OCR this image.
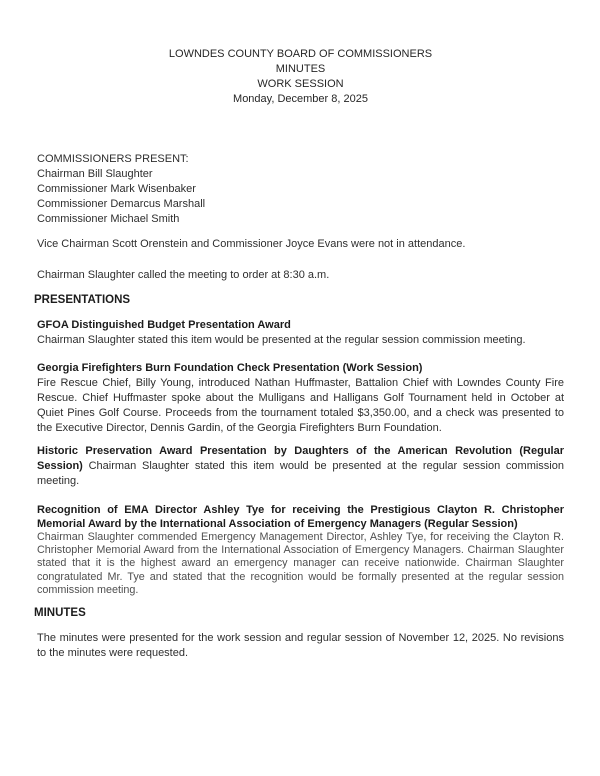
LOWNDES COUNTY BOARD OF COMMISSIONERS
MINUTES
WORK SESSION
Monday, December 8, 2025
COMMISSIONERS PRESENT:
Chairman Bill Slaughter
Commissioner Mark Wisenbaker
Commissioner Demarcus Marshall
Commissioner Michael Smith

Vice Chairman Scott Orenstein and Commissioner Joyce Evans were not in attendance.

Chairman Slaughter called the meeting to order at 8:30 a.m.

PRESENTATIONS
GFOA Distinguished Budget Presentation Award

Chairman Slaughter stated this item would be presented at the regular session commission meeting.

Georgia Firefighters Burn Foundation Check Presentation (Work Session)

Fire Rescue Chief, Billy Young, introduced Nathan Huffmaster, Battalion Chief with Lowndes County Fire Rescue. Chief Huffmaster spoke about the Mulligans and Halligans Golf Tournament held in October at Quiet Pines Golf Course. Proceeds from the tournament totaled $3,350.00, and a check was presented to the Executive Director, Dennis Gardin, of the Georgia Firefighters Burn Foundation.

Historic Preservation Award Presentation by Daughters of the American Revolution (Regular Session) Chairman Slaughter stated this item would be presented at the regular session commission meeting.

Recognition of EMA Director Ashley Tye for receiving the Prestigious Clayton R. Christopher Memorial Award by the International Association of Emergency Managers (Regular Session)

Chairman Slaughter commended Emergency Management Director, Ashley Tye, for receiving the Clayton R. Christopher Memorial Award from the International Association of Emergency Managers. Chairman Slaughter stated that it is the highest award an emergency manager can receive nationwide. Chairman Slaughter congratulated Mr. Tye and stated that the recognition would be formally presented at the regular session commission meeting.

MINUTES

The minutes were presented for the work session and regular session of November 12, 2025. No revisions to the minutes were requested.
